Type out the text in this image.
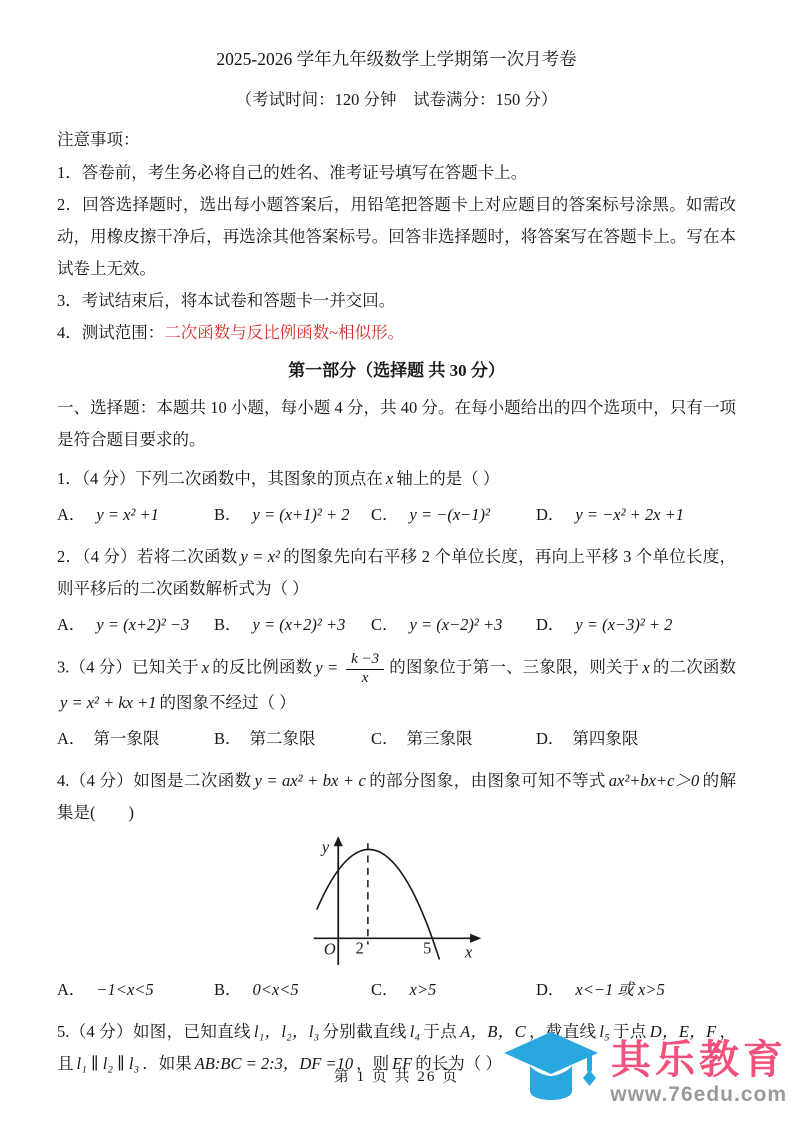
2025-2026 学年九年级数学上学期第一次月考卷
（考试时间：120 分钟　试卷满分：150 分）
注意事项：
1．答卷前，考生务必将自己的姓名、准考证号填写在答题卡上。
2．回答选择题时，选出每小题答案后，用铅笔把答题卡上对应题目的答案标号涂黑。如需改动，用橡皮擦干净后，再选涂其他答案标号。回答非选择题时，将答案写在答题卡上。写在本试卷上无效。
3．考试结束后，将本试卷和答题卡一并交回。
4．测试范围：二次函数与反比例函数~相似形。
第一部分（选择题 共 30 分）
一、选择题：本题共 10 小题，每小题 4 分，共 40 分。在每小题给出的四个选项中，只有一项是符合题目要求的。
1．（4 分）下列二次函数中，其图象的顶点在 x 轴上的是（ ）
A． y = x² +1	B． y = (x+1)² + 2	C． y = −(x−1)²	D． y = −x² + 2x +1
2．（4 分）若将二次函数 y = x² 的图象先向右平移 2 个单位长度，再向上平移 3 个单位长度，则平移后的二次函数解析式为（ ）
A． y = (x+2)² −3	B． y = (x+2)² +3	C． y = (x−2)² +3	D． y = (x−3)² + 2
3.（4 分）已知关于 x 的反比例函数 $y = \frac{k -3}{x}$ 的图象位于第一、三象限，则关于 x 的二次函数y = x² + kx +1 的图象不经过（ ）
A． 第一象限	B． 第二象限	C． 第三象限	D． 第四象限
4.（4 分）如图是二次函数 y = ax² + bx + c 的部分图象，由图象可知不等式 ax²+bx+c＞0 的解集是(　　)
y
x
O 2	5
A． −1<x<5	B． 0<x<5	C． x>5	D． x<−1 或 x>5
5.（4 分）如图，已知直线 l₁，l₂，l₃ 分别截直线 l₄ 于点 A，B，C ，截直线 l₅ 于点 D，E，F ，且 l₁ ∥ l₂ ∥ l₃ ．如果 AB:BC = 2:3，DF =10 ，则 EF 的长为（ ）
第 1 页 共 26 页	其乐教育
www.76edu.com
